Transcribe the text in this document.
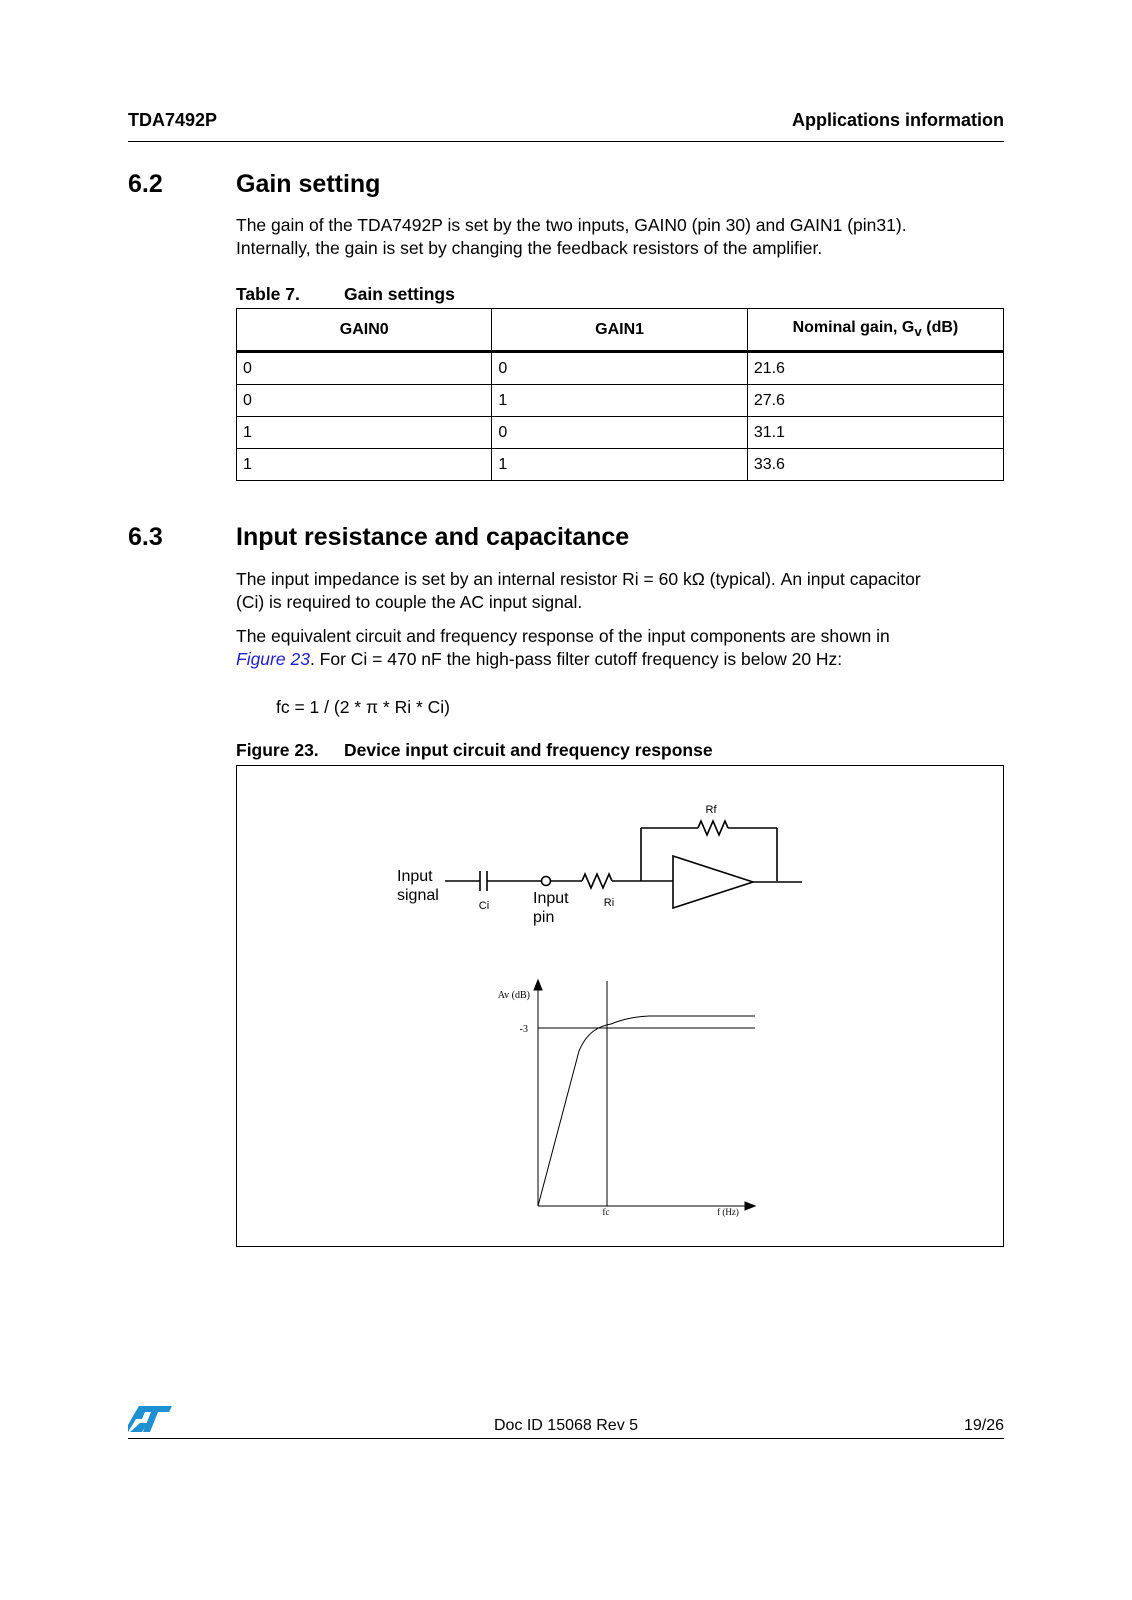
TDA7492P	Applications information
6.2	Gain setting
The gain of the TDA7492P is set by the two inputs, GAIN0 (pin 30) and GAIN1 (pin31).
Internally, the gain is set by changing the feedback resistors of the amplifier.
Table 7.	Gain settings
GAIN0	GAIN1	Nominal gain, $G_v$ (dB)
0	0	21.6
0	1	27.6
1	0	31.1
1	1	33.6
6.3	Input resistance and capacitance
The input impedance is set by an internal resistor Ri = 60 kΩ (typical). An input capacitor
(Ci) is required to couple the AC input signal.
The equivalent circuit and frequency response of the input components are shown in
Figure 23. For Ci = 470 nF the high-pass filter cutoff frequency is below 20 Hz:
fc = 1 / (2 * π * Ri * Ci)
Figure 23. Device input circuit and frequency response
Rf
Ri
Ci
Input
signal	Input
pin
Av (dB)
-3
fc	f (Hz)
Doc ID 15068 Rev 5	19/26
